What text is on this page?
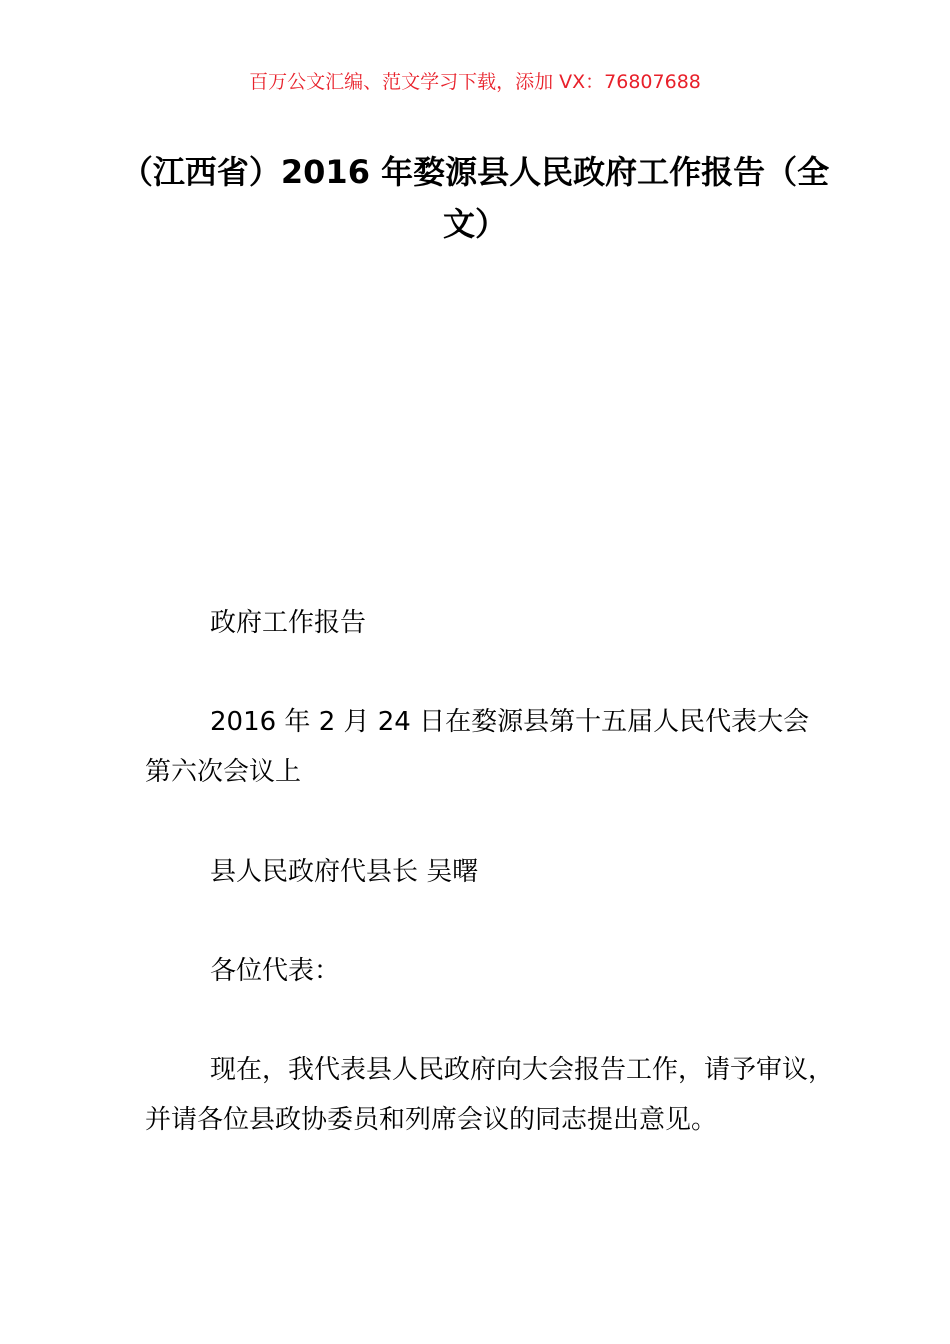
百万公文汇编、范文学习下载，添加 VX：76807688
（江西省）2016 年婺源县人民政府工作报告（全文）
政府工作报告
2016 年 2 月 24 日在婺源县第十五届人民代表大会第六次会议上
县人民政府代县长 吴曙
各位代表：
现在，我代表县人民政府向大会报告工作，请予审议，并请各位县政协委员和列席会议的同志提出意见。
